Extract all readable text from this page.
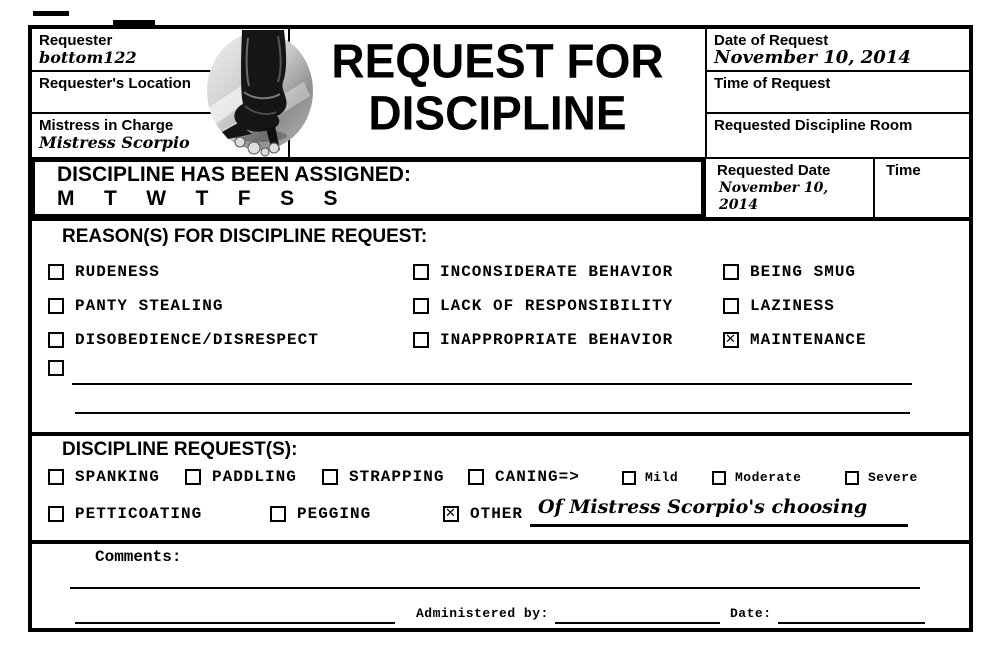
Requester
bottom122
Requester's Location
Mistress in Charge
Mistress Scorpio
REQUEST FOR
DISCIPLINE
Date of Request
November 10, 2014
Time of Request
Requested Discipline Room
DISCIPLINE HAS BEEN ASSIGNED:
M T W T F S S
Requested Date
November 10,
2014
Time
REASON(S) FOR DISCIPLINE REQUEST:
RUDENESS	INCONSIDERATE BEHAVIOR	BEING SMUG
PANTY STEALING	LACK OF RESPONSIBILITY	LAZINESS
DISOBEDIENCE/DISRESPECT	INAPPROPRIATE BEHAVIOR ✕	MAINTENANCE
DISCIPLINE REQUEST(S):
SPANKING	PADDLING	STRAPPING	CANING=>	Mild	Moderate	Severe
PETTICOATING	PEGGING ✕	OTHER Of Mistress Scorpio's choosing
Comments:
Administered by:	Date:
